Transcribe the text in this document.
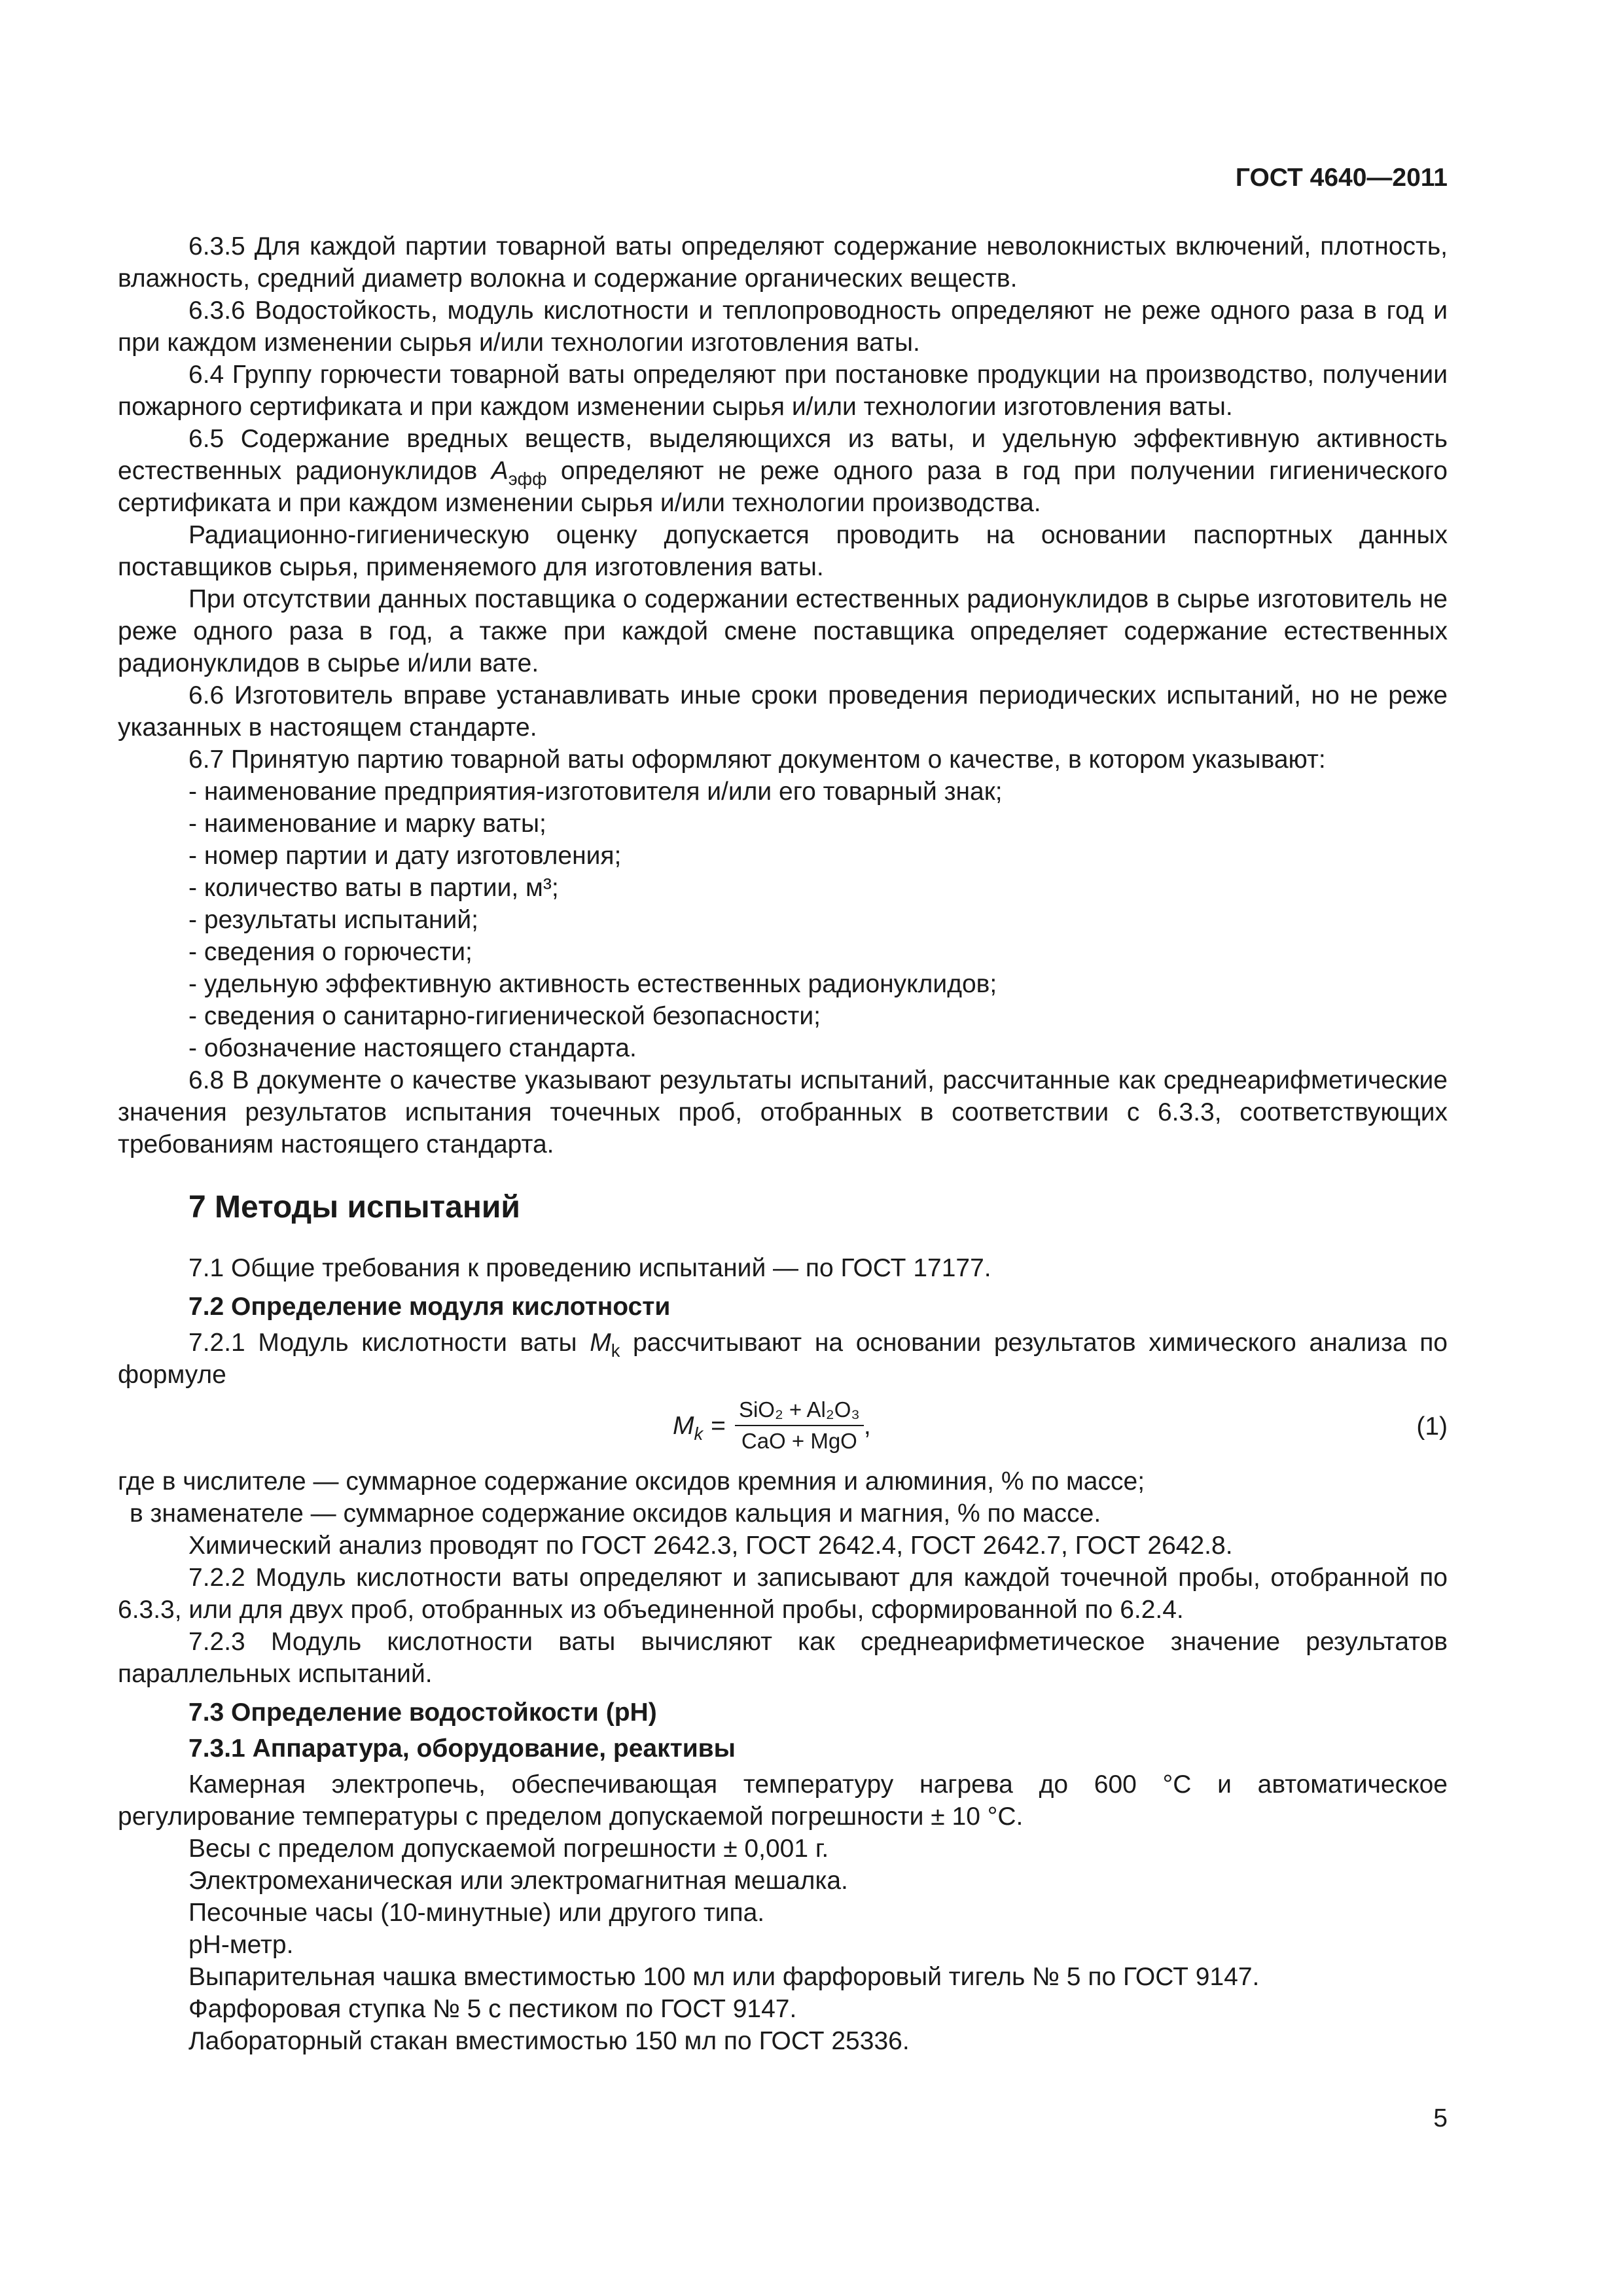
ГОСТ 4640—2011

6.3.5 Для каждой партии товарной ваты определяют содержание неволокнистых включений, плотность, влажность, средний диаметр волокна и содержание органических веществ.

6.3.6 Водостойкость, модуль кислотности и теплопроводность определяют не реже одного раза в год и при каждом изменении сырья и/или технологии изготовления ваты.

6.4 Группу горючести товарной ваты определяют при постановке продукции на производство, получении пожарного сертификата и при каждом изменении сырья и/или технологии изготовления ваты.

6.5 Содержание вредных веществ, выделяющихся из ваты, и удельную эффективную активность естественных радионуклидов $A_{эфф}$ определяют не реже одного раза в год при получении гигиенического сертификата и при каждом изменении сырья и/или технологии производства.

Радиационно-гигиеническую оценку допускается проводить на основании паспортных данных поставщиков сырья, применяемого для изготовления ваты.

При отсутствии данных поставщика о содержании естественных радионуклидов в сырье изготовитель не реже одного раза в год, а также при каждой смене поставщика определяет содержание естественных радионуклидов в сырье и/или вате.

6.6 Изготовитель вправе устанавливать иные сроки проведения периодических испытаний, но не реже указанных в настоящем стандарте.

6.7 Принятую партию товарной ваты оформляют документом о качестве, в котором указывают:

- наименование предприятия-изготовителя и/или его товарный знак;
- наименование и марку ваты;
- номер партии и дату изготовления;
- количество ваты в партии, м³;
- результаты испытаний;
- сведения о горючести;
- удельную эффективную активность естественных радионуклидов;
- сведения о санитарно-гигиенической безопасности;
- обозначение настоящего стандарта.

6.8 В документе о качестве указывают результаты испытаний, рассчитанные как среднеарифметические значения результатов испытания точечных проб, отобранных в соответствии с 6.3.3, соответствующих требованиям настоящего стандарта.

7 Методы испытаний

7.1 Общие требования к проведению испытаний — по ГОСТ 17177.

7.2 Определение модуля кислотности

7.2.1 Модуль кислотности ваты $M_k$ рассчитывают на основании результатов химического анализа по формуле

$M_k = \frac{\text{SiO₂ + Al₂O₃}}{\text{CaO + MgO}}$ ,	(1)

где в числителе — суммарное содержание оксидов кремния и алюминия, % по массе;

в знаменателе — суммарное содержание оксидов кальция и магния, % по массе.

Химический анализ проводят по ГОСТ 2642.3, ГОСТ 2642.4, ГОСТ 2642.7, ГОСТ 2642.8.

7.2.2 Модуль кислотности ваты определяют и записывают для каждой точечной пробы, отобранной по 6.3.3, или для двух проб, отобранных из объединенной пробы, сформированной по 6.2.4.

7.2.3 Модуль кислотности ваты вычисляют как среднеарифметическое значение результатов параллельных испытаний.

7.3 Определение водостойкости (pH)
7.3.1 Аппаратура, оборудование, реактивы

Камерная электропечь, обеспечивающая температуру нагрева до 600 °С и автоматическое регулирование температуры с пределом допускаемой погрешности ± 10 °С.

Весы с пределом допускаемой погрешности ± 0,001 г.

Электромеханическая или электромагнитная мешалка.

Песочные часы (10-минутные) или другого типа.

pH-метр.

Выпарительная чашка вместимостью 100 мл или фарфоровый тигель № 5 по ГОСТ 9147.

Фарфоровая ступка № 5 с пестиком по ГОСТ 9147.

Лабораторный стакан вместимостью 150 мл по ГОСТ 25336.

5
